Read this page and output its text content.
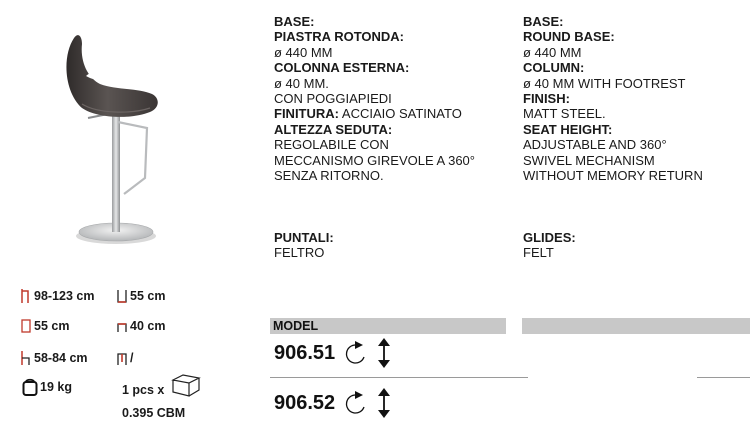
BASE:
PIASTRA ROTONDA:
ø 440 MM
COLONNA ESTERNA:
ø 40 MM.
CON POGGIAPIEDI
FINITURA: ACCIAIO SATINATO
ALTEZZA SEDUTA:
REGOLABILE CON
MECCANISMO GIREVOLE A 360°
SENZA RITORNO.
BASE:
ROUND BASE:
ø 440 MM
COLUMN:
ø 40 MM WITH FOOTREST
FINISH:
MATT STEEL.
SEAT HEIGHT:
ADJUSTABLE AND 360°
SWIVEL MECHANISM
WITHOUT MEMORY RETURN
PUNTALI:
FELTRO
GLIDES:
FELT
98-123 cm	55 cm
55 cm	40 cm
58-84 cm	/
19 kg	1 pcs x
0.395 CBM
MODEL
906.51
906.52
